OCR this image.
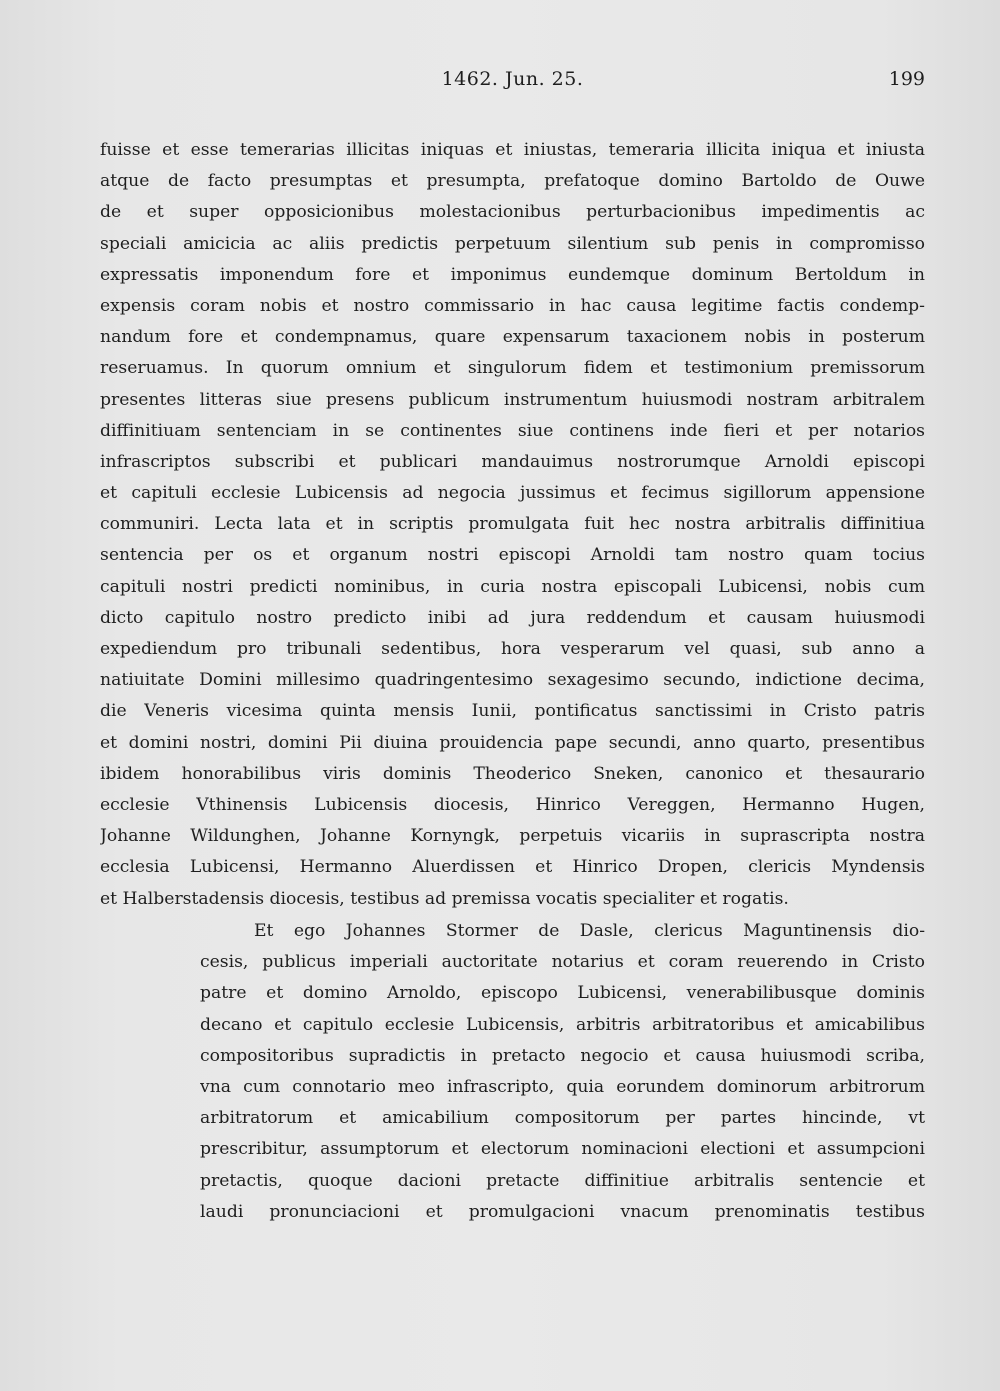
1462. Jun. 25.	199
fuisse et esse temerarias illicitas iniquas et iniustas, temeraria illicita iniqua et iniusta
atque de facto presumptas et presumpta, prefatoque domino Bartoldo de Ouwe
de et super opposicionibus molestacionibus perturbacionibus impedimentis ac
speciali amicicia ac aliis predictis perpetuum silentium sub penis in compromisso
expressatis imponendum fore et imponimus eundemque dominum Bertoldum in
expensis coram nobis et nostro commissario in hac causa legitime factis condemp-
nandum fore et condempnamus, quare expensarum taxacionem nobis in posterum
reseruamus. In quorum omnium et singulorum fidem et testimonium premissorum
presentes litteras siue presens publicum instrumentum huiusmodi nostram arbitralem
diffinitiuam sentenciam in se continentes siue continens inde fieri et per notarios
infrascriptos subscribi et publicari mandauimus nostrorumque Arnoldi episcopi
et capituli ecclesie Lubicensis ad negocia jussimus et fecimus sigillorum appensione
communiri. Lecta lata et in scriptis promulgata fuit hec nostra arbitralis diffinitiua
sentencia per os et organum nostri episcopi Arnoldi tam nostro quam tocius
capituli nostri predicti nominibus, in curia nostra episcopali Lubicensi, nobis cum
dicto capitulo nostro predicto inibi ad jura reddendum et causam huiusmodi
expediendum pro tribunali sedentibus, hora vesperarum vel quasi, sub anno a
natiuitate Domini millesimo quadringentesimo sexagesimo secundo, indictione decima,
die Veneris vicesima quinta mensis Iunii, pontificatus sanctissimi in Cristo patris
et domini nostri, domini Pii diuina prouidencia pape secundi, anno quarto, presentibus
ibidem honorabilibus viris dominis Theoderico Sneken, canonico et thesaurario
ecclesie Vthinensis Lubicensis diocesis, Hinrico Vereggen, Hermanno Hugen,
Johanne Wildunghen, Johanne Kornyngk, perpetuis vicariis in suprascripta nostra
ecclesia Lubicensi, Hermanno Aluerdissen et Hinrico Dropen, clericis Myndensis
et Halberstadensis diocesis, testibus ad premissa vocatis specialiter et rogatis.
Et ego Johannes Stormer de Dasle, clericus Maguntinensis dio-
cesis, publicus imperiali auctoritate notarius et coram reuerendo in Cristo
patre et domino Arnoldo, episcopo Lubicensi, venerabilibusque dominis
decano et capitulo ecclesie Lubicensis, arbitris arbitratoribus et amicabilibus
compositoribus supradictis in pretacto negocio et causa huiusmodi scriba,
vna cum connotario meo infrascripto, quia eorundem dominorum arbitrorum
arbitratorum et amicabilium compositorum per partes hincinde, vt
prescribitur, assumptorum et electorum nominacioni electioni et assumpcioni
pretactis, quoque dacioni pretacte diffinitiue arbitralis sentencie et
laudi pronunciacioni et promulgacioni vnacum prenominatis testibus
